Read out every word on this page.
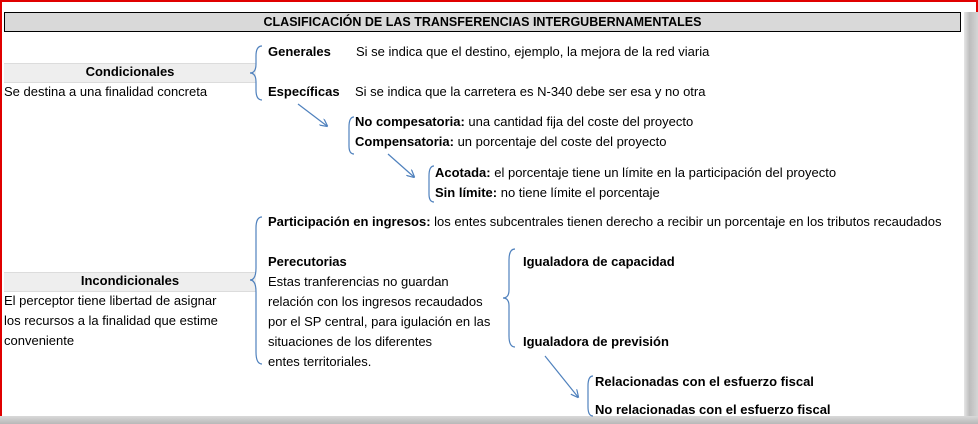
CLASIFICACIÓN DE LAS TRANSFERENCIAS INTERGUBERNAMENTALES
Condicionales
Se destina a una finalidad concreta
Generales Si se indica que el destino, ejemplo, la mejora de la red viaria
Específicas Si se indica que la carretera es N-340 debe ser esa y no otra
No compesatoria: una cantidad fija del coste del proyecto
Compensatoria: un porcentaje del coste del proyecto
Acotada: el porcentaje tiene un límite en la participación del proyecto
Sin límite: no tiene límite el porcentaje
Participación en ingresos: los entes subcentrales tienen derecho a recibir un porcentaje en los tributos recaudados
Perecutorias
Estas tranferencias no guardan
relación con los ingresos recaudados
por el SP central, para igulación en las
situaciones de los diferentes
entes territoriales.
Incondicionales
El perceptor tiene libertad de asignar
los recursos a la finalidad que estime
conveniente
Igualadora de capacidad
Igualadora de previsión
Relacionadas con el esfuerzo fiscal
No relacionadas con el esfuerzo fiscal
